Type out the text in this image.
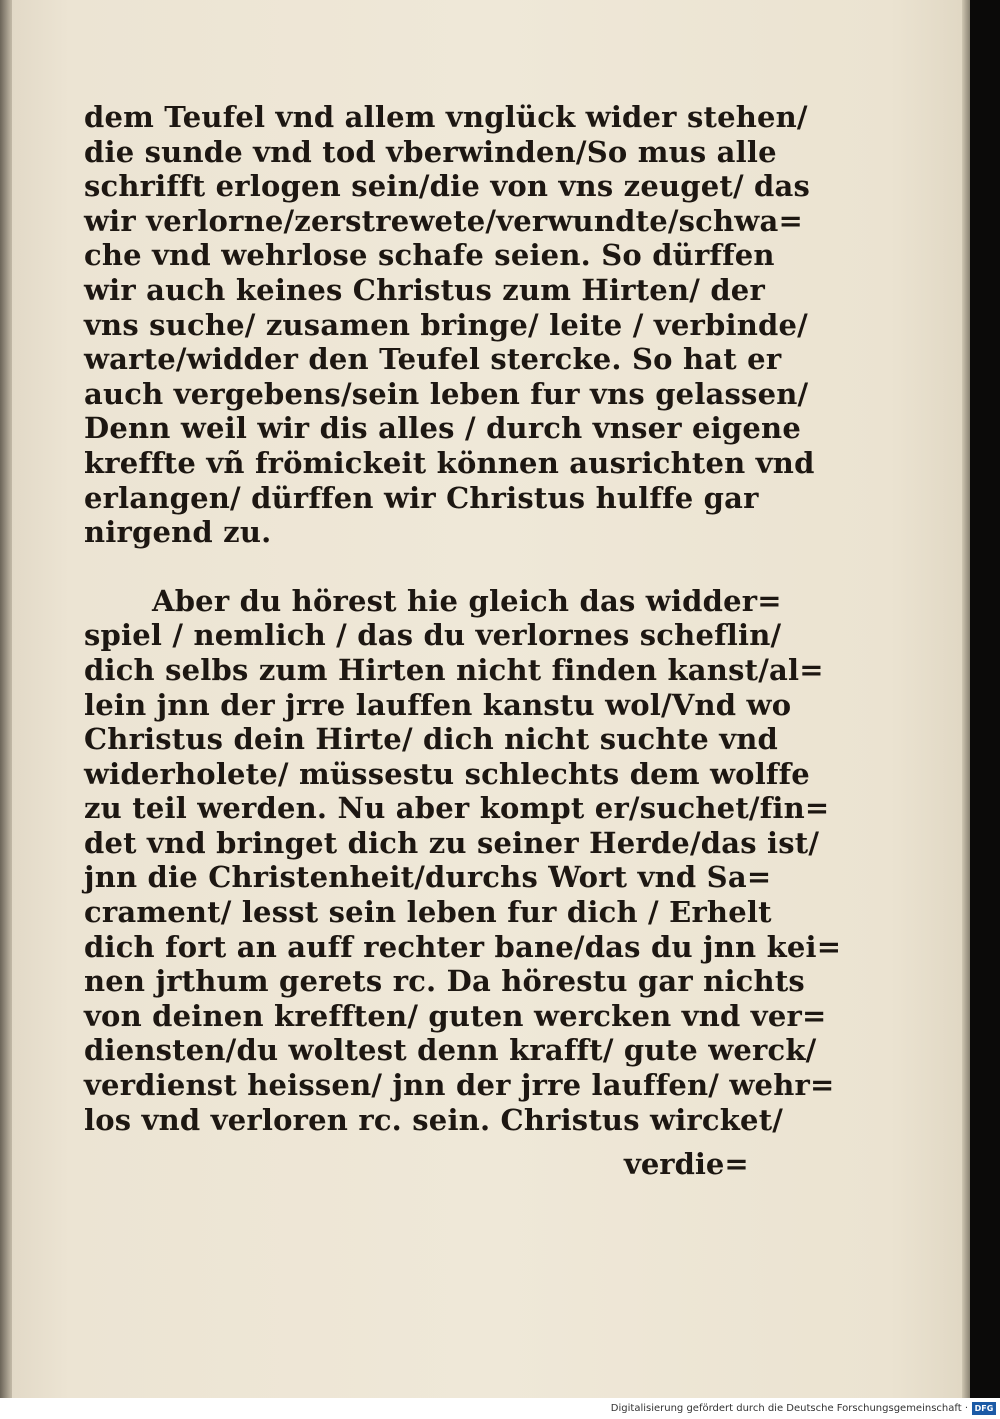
dem Teufel vnd allem vnglück wider stehen/
die sunde vnd tod vberwinden/So mus alle
schrifft erlogen sein/die von vns zeuget/ das
wir verlorne/zerstrewete/verwundte/schwa=
che vnd wehrlose schafe seien. So dürffen
wir auch keines Christus zum Hirten/ der
vns suche/ zusamen bringe/ leite / verbinde/
warte/widder den Teufel stercke. So hat er
auch vergebens/sein leben fur vns gelassen/
Denn weil wir dis alles / durch vnser eigene
krеffte vñ frömickeit können ausrichten vnd
erlangen/ dürffen wir Christus hulffe gar
nirgend zu.
Aber du hörest hie gleich das widder=
spiel / nemlich / das du verlornes scheflin/
dich selbs zum Hirten nicht finden kanst/al=
lein jnn der jrre lauffen kanstu wol/Vnd wo
Christus dein Hirte/ dich nicht suchte vnd
widerholete/ müssestu schlechts dem wolffe
zu teil werden. Nu aber kompt er/suchet/fin=
det vnd bringet dich zu seiner Herde/das ist/
jnn die Christenheit/durchs Wort vnd Sa=
crament/ lesst sein leben fur dich / Erhelt
dich fort an auff rechter bane/das du jnn kei=
nen jrthum gerets rc. Da hörestu gar nichts
von deinen krefften/ guten wercken vnd ver=
diensten/du woltest denn krafft/ gute werck/
verdienst heissen/ jnn der jrre lauffen/ wehr=
los vnd verloren rc. sein. Christus wircket/
verdie=
Digitalisierung gefördert durch die Deutsche Forschungsgemeinschaft · DFG
